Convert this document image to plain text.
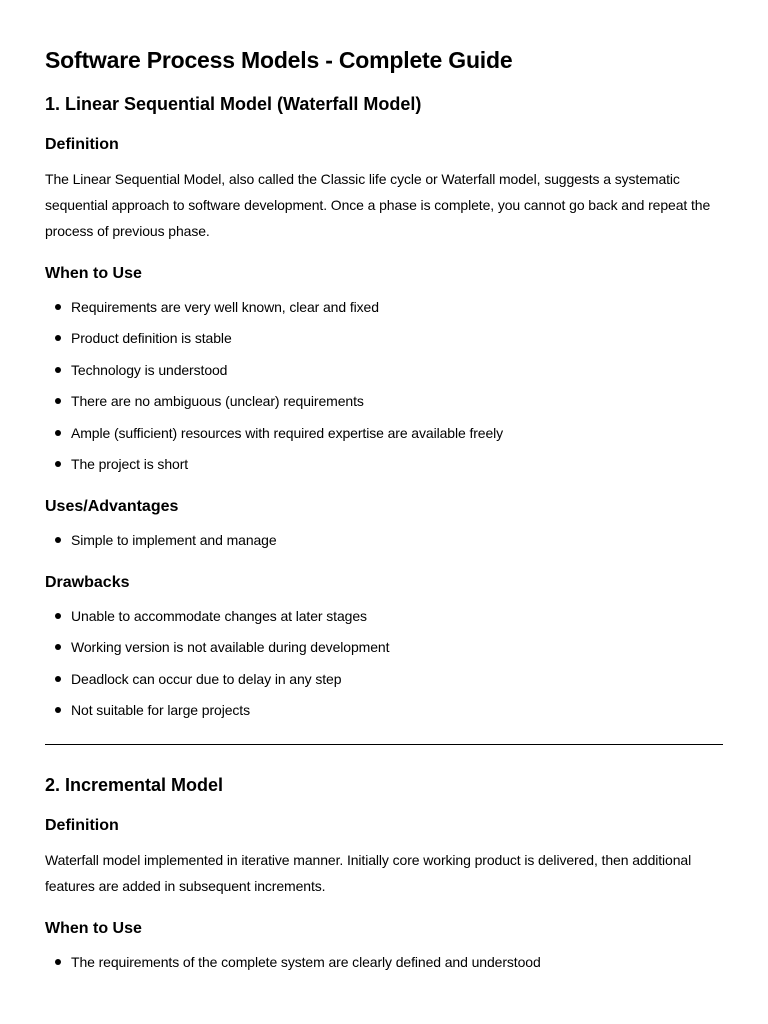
Software Process Models - Complete Guide
1. Linear Sequential Model (Waterfall Model)
Definition

The Linear Sequential Model, also called the Classic life cycle or Waterfall model, suggests a systematic sequential approach to software development. Once a phase is complete, you cannot go back and repeat the process of previous phase.

When to Use
Requirements are very well known, clear and fixed
Product definition is stable
Technology is understood
There are no ambiguous (unclear) requirements
Ample (sufficient) resources with required expertise are available freely
The project is short
Uses/Advantages
Simple to implement and manage
Drawbacks
Unable to accommodate changes at later stages
Working version is not available during development
Deadlock can occur due to delay in any step
Not suitable for large projects
2. Incremental Model
Definition

Waterfall model implemented in iterative manner. Initially core working product is delivered, then additional features are added in subsequent increments.

When to Use
The requirements of the complete system are clearly defined and understood
